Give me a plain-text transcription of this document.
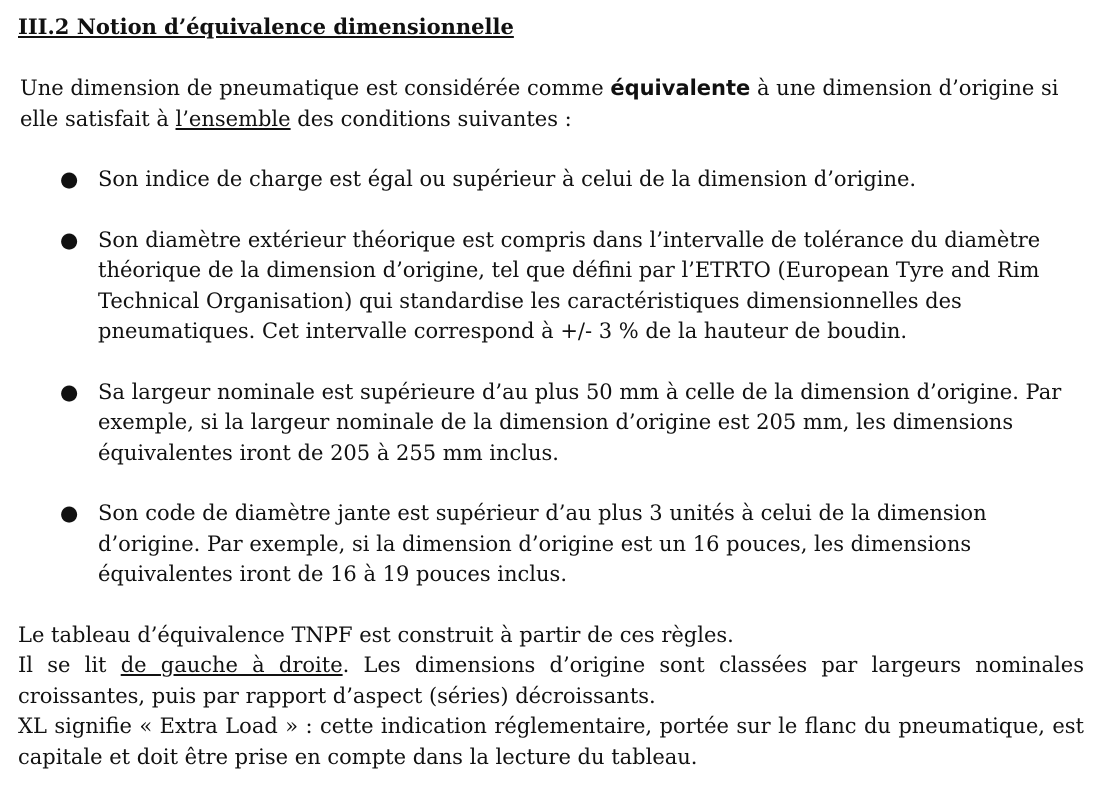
III.2 Notion d’équivalence dimensionnelle

Une dimension de pneumatique est considérée comme équivalente à une dimension d’origine si elle satisfait à l’ensemble des conditions suivantes :

● Son indice de charge est égal ou supérieur à celui de la dimension d’origine.
● Son diamètre extérieur théorique est compris dans l’intervalle de tolérance du diamètre théorique de la dimension d’origine, tel que défini par l’ETRTO (European Tyre and Rim Technical Organisation) qui standardise les caractéristiques dimensionnelles des pneumatiques. Cet intervalle correspond à +/- 3 % de la hauteur de boudin.
● Sa largeur nominale est supérieure d’au plus 50 mm à celle de la dimension d’origine. Par exemple, si la largeur nominale de la dimension d’origine est 205 mm, les dimensions équivalentes iront de 205 à 255 mm inclus.
● Son code de diamètre jante est supérieur d’au plus 3 unités à celui de la dimension d’origine. Par exemple, si la dimension d’origine est un 16 pouces, les dimensions équivalentes iront de 16 à 19 pouces inclus.

Le tableau d’équivalence TNPF est construit à partir de ces règles.

Il se lit de gauche à droite. Les dimensions d’origine sont classées par largeurs nominales croissantes, puis par rapport d’aspect (séries) décroissants.

XL signifie « Extra Load » : cette indication réglementaire, portée sur le flanc du pneumatique, est capitale et doit être prise en compte dans la lecture du tableau.
